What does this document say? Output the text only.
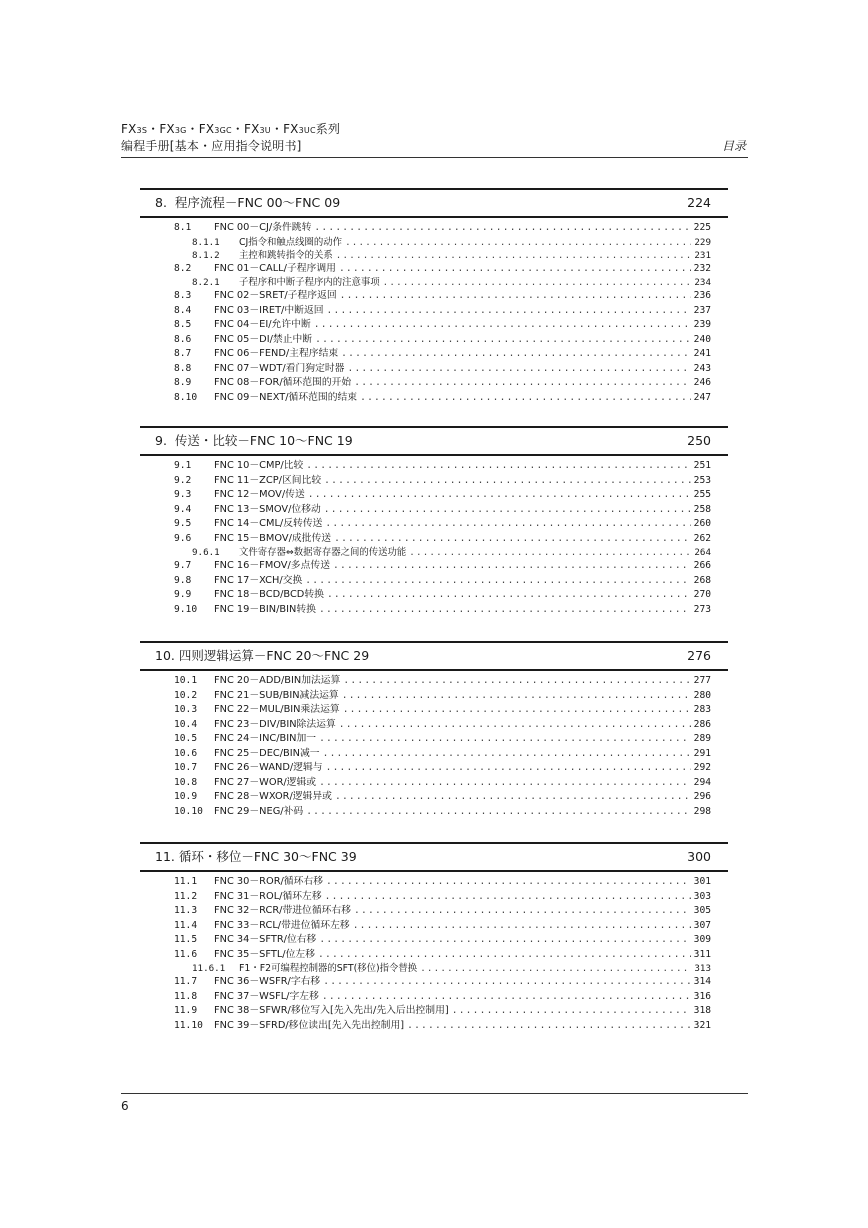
FX3S・FX3G・FX3GC・FX3U・FX3UC系列
编程手册[基本・应用指令说明书]	目录
8.  程序流程－FNC 00～FNC 09	224
8.1	FNC 00－CJ/条件跳转 .....	225
8.1.1	CJ指令和触点线圈的动作 .....	229
8.1.2	主控和跳转指令的关系 .....	231
8.2	FNC 01－CALL/子程序调用 .....	232
8.2.1	子程序和中断子程序内的注意事项 .....	234
8.3	FNC 02－SRET/子程序返回 .....	236
8.4	FNC 03－IRET/中断返回 .....	237
8.5	FNC 04－EI/允许中断 .....	239
8.6	FNC 05－DI/禁止中断 .....	240
8.7	FNC 06－FEND/主程序结束 .....	241
8.8	FNC 07－WDT/看门狗定时器 .....	243
8.9	FNC 08－FOR/循环范围的开始 .....	246
8.10	FNC 09－NEXT/循环范围的结束 .....	247
9.  传送・比较－FNC 10～FNC 19	250
9.1	FNC 10－CMP/比较 .....	251
9.2	FNC 11－ZCP/区间比较 .....	253
9.3	FNC 12－MOV/传送 .....	255
9.4	FNC 13－SMOV/位移动 .....	258
9.5	FNC 14－CML/反转传送 .....	260
9.6	FNC 15－BMOV/成批传送 .....	262
9.6.1	文件寄存器⇔数据寄存器之间的传送功能 .....	264
9.7	FNC 16－FMOV/多点传送 .....	266
9.8	FNC 17－XCH/交换 .....	268
9.9	FNC 18－BCD/BCD转换 .....	270
9.10	FNC 19－BIN/BIN转换 .....	273
10. 四则逻辑运算－FNC 20～FNC 29	276
10.1	FNC 20－ADD/BIN加法运算 .....	277
10.2	FNC 21－SUB/BIN减法运算 .....	280
10.3	FNC 22－MUL/BIN乘法运算 .....	283
10.4	FNC 23－DIV/BIN除法运算 .....	286
10.5	FNC 24－INC/BIN加一 .....	289
10.6	FNC 25－DEC/BIN减一 .....	291
10.7	FNC 26－WAND/逻辑与 .....	292
10.8	FNC 27－WOR/逻辑或 .....	294
10.9	FNC 28－WXOR/逻辑异或 .....	296
10.10	FNC 29－NEG/补码 .....	298
11. 循环・移位－FNC 30～FNC 39	300
11.1	FNC 30－ROR/循环右移 .....	301
11.2	FNC 31－ROL/循环左移 .....	303
11.3	FNC 32－RCR/带进位循环右移 .....	305
11.4	FNC 33－RCL/带进位循环左移 .....	307
11.5	FNC 34－SFTR/位右移 .....	309
11.6	FNC 35－SFTL/位左移 .....	311
11.6.1	F1・F2可编程控制器的SFT(移位)指令替换 .....	313
11.7	FNC 36－WSFR/字右移 .....	314
11.8	FNC 37－WSFL/字左移 .....	316
11.9	FNC 38－SFWR/移位写入[先入先出/先入后出控制用] .....	318
11.10	FNC 39－SFRD/移位读出[先入先出控制用] .....	321
6
